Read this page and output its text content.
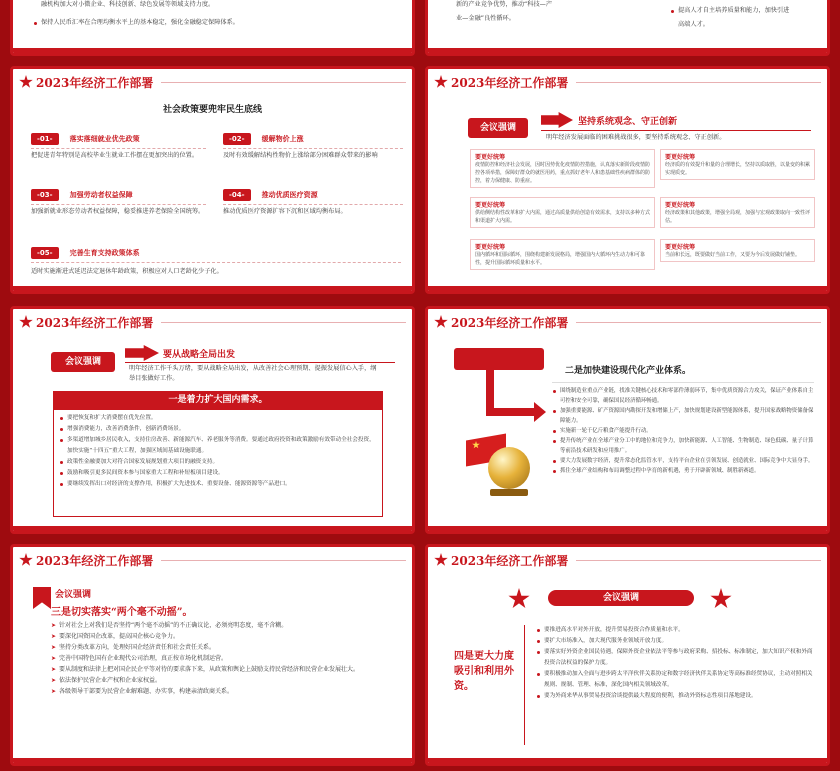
融机构加大对小微企业、科技创新、绿色发展等领域支持力度。
保持人民币汇率在合理均衡水平上的基本稳定，强化金融稳定保障体系。
新的产业竞争优势，推动“科技—产
业—金融”良性循环。
提高人才自主培养质量和能力，加快引进
高端人才。
2023年经济工作部署
社会政策要兜牢民生底线
-01- 落实落细就业优先政策
把促进青年特别是高校毕业生就业工作摆在更加突出的位置。
-02- 缓解物价上涨
及时有效缓解结构性物价上涨给部分困难群众带来的影响
-03- 加强劳动者权益保障
加强新就业形态劳动者权益保障，稳妥推进养老保险全国统筹。
-04- 推动优质医疗资源
推动优质医疗资源扩容下沉和区域均衡布局。
-05- 完善生育支持政策体系
适时实施渐进式延迟法定退休年龄政策，积极应对人口老龄化少子化。
2023年经济工作部署
会议强调
坚持系统观念、守正创新
明年经济发展面临的困难挑战很多，要坚持系统观念、守正创新。
要更好统筹
疫情防控和经济社会发展，因时因势优化疫情防控措施，认真落实新阶段疫情防控各项举措，保障好群众的就医用药，重点抓好老年人和患基础性疾病群体的防控，着力保健康、防重症。
要更好统筹
经济质的有效提升和量的合理增长，坚持以质取胜，以量变的积累实现质变。
要更好统筹
供给侧结构性改革和扩大内需，通过高质量供给创造有效需求，支持以多种方式和渠道扩大内需。
要更好统筹
经济政策和其他政策，增强全局观，加强与宏观政策取向一致性评估。
要更好统筹
国内循环和国际循环，围绕构建新发展格局，增强国内大循环内生动力和可靠性，提升国际循环质量和水平。
要更好统筹
当前和长远，既要做好当前工作，又要为今后发展做好铺垫。
2023年经济工作部署
会议强调
要从战略全局出发
明年经济工作千头万绪，要从战略全局出发，从改善社会心理预期、提振发展信心入手，纲举目张做好工作。
一是着力扩大国内需求。
要把恢复和扩大消费摆在优先位置。
增强消费能力，改善消费条件，创新消费场景。
多渠道增加城乡居民收入，支持住房改善、新能源汽车、养老服务等消费。要通过政府投资和政策激励有效带动全社会投资，加快实施“十四五”重大工程，加强区域间基础设施联通。
政策性金融要加大对符合国家发展规划重大项目的融资支持。
鼓励和吸引更多民间资本参与国家重大工程和补短板项目建设。
要继续发挥出口对经济的支撑作用，积极扩大先进技术、重要设备、能源资源等产品进口。
2023年经济工作部署
二是加快建设现代化产业体系。
围绕制造业重点产业链，找准关键核心技术和零部件薄弱环节，集中优质资源合力攻关，保证产业体系自主可控和安全可靠，确保国民经济循环畅通。
加强重要能源、矿产资源国内勘探开发和增储上产，加快规划建设新型能源体系，提升国家战略物资储备保障能力。
实施新一轮千亿斤粮食产能提升行动。
提升传统产业在全球产业分工中的地位和竞争力，加快新能源、人工智能、生物制造、绿色低碳、量子计算等前沿技术研发和应用推广。
要大力发展数字经济，提升常态化监管水平，支持平台企业在引领发展、创造就业、国际竞争中大显身手。
抓住全球产业结构和布局调整过程中孕育的新机遇，勇于开辟新领域、制胜新赛道。
2023年经济工作部署
会议强调
三是切实落实“两个毫不动摇”。
➤ 针对社会上对我们是否坚持“两个毫不动摇”的不正确议论，必须亮明态度，毫不含糊。
➤ 要深化国资国企改革，提高国企核心竞争力。
➤ 坚持分类改革方向，处理好国企经济责任和社会责任关系。
➤ 完善中国特色国有企业现代公司治理，真正按市场化机制运营。
➤ 要从制度和法律上把对国企民企平等对待的要求落下来，从政策和舆论上鼓励支持民营经济和民营企业发展壮大。
➤ 依法保护民营企业产权和企业家权益。
➤ 各级领导干部要为民营企业解难题、办实事，构建亲清政商关系。
2023年经济工作部署
会议强调
四是更大力度吸引和利用外资。
要推进高水平对外开放，提升贸易投资合作质量和水平。
要扩大市场准入，加大现代服务业领域开放力度。
要落实好外资企业国民待遇，保障外资企业依法平等参与政府采购、招投标、标准制定，加大知识产权和外商投资合法权益的保护力度。
要积极推动加入全面与进步跨太平洋伙伴关系协定和数字经济伙伴关系协定等高标准经贸协议，主动对照相关规则、规制、管理、标准，深化国内相关领域改革。
要为外商来华从事贸易投资洽谈提供最大程度的便利，推动外资标志性项目落地建设。
